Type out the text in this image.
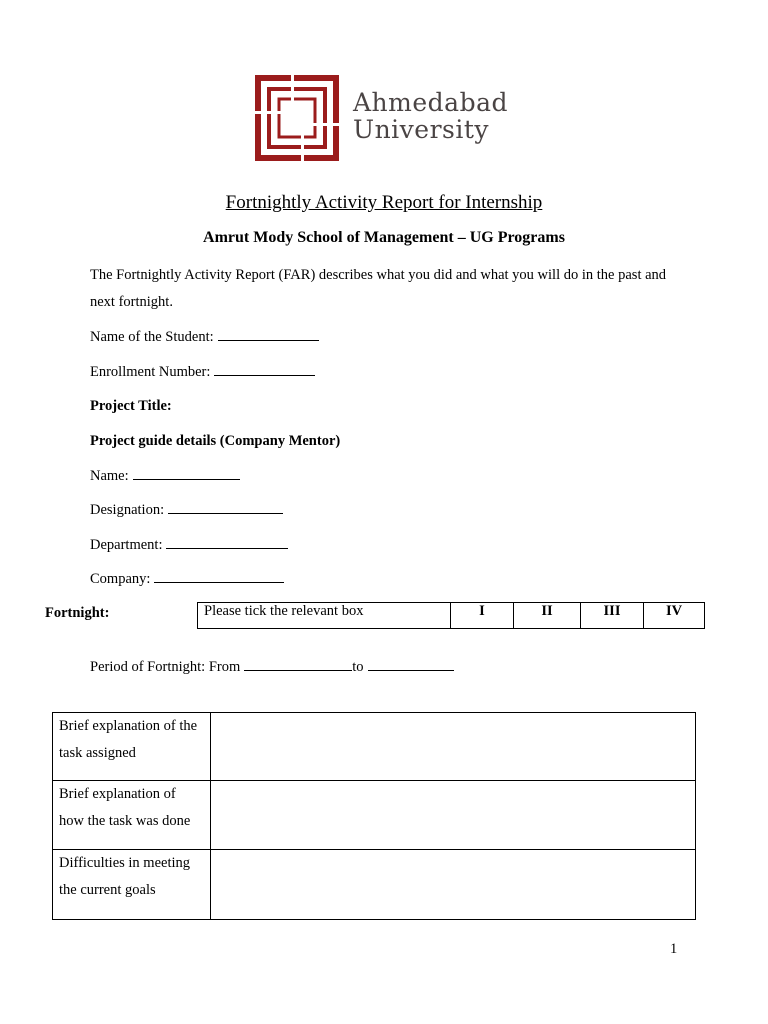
Ahmedabad
University
Fortnightly Activity Report for Internship
Amrut Mody School of Management – UG Programs
The Fortnightly Activity Report (FAR) describes what you did and what you will do in the past and next fortnight.
Name of the Student:
Enrollment Number:
Project Title:
Project guide details (Company Mentor)
Name:
Designation:
Department:
Company:
Fortnight:	Please tick the relevant box	I	II	III	IV
Period of Fortnight: From	to
Brief explanation of the task assigned	
Brief explanation of how the task was done	
Difficulties in meeting the current goals	
1
